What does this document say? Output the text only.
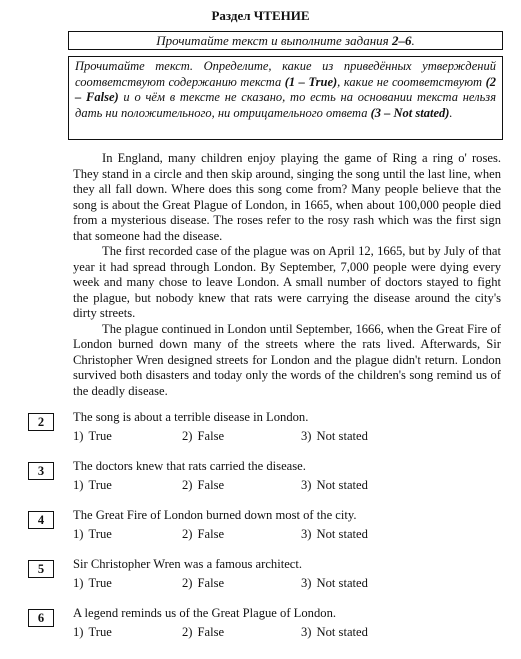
Раздел ЧТЕНИЕ
Прочитайте текст и выполните задания 2–6.
Прочитайте текст. Определите, какие из приведённых утверждений соответствуют содержанию текста (1 – True), какие не соответствуют (2 – False) и о чём в тексте не сказано, то есть на основании текста нельзя дать ни положительного, ни отрицательного ответа (3 – Not stated).

In England, many children enjoy playing the game of Ring a ring o' roses. They stand in a circle and then skip around, singing the song until the last line, when they all fall down. Where does this song come from? Many people believe that the song is about the Great Plague of London, in 1665, when about 100,000 people died from a mysterious disease. The roses refer to the rosy rash which was the first sign that someone had the disease.

The first recorded case of the plague was on April 12, 1665, but by July of that year it had spread through London. By September, 7,000 people were dying every week and many chose to leave London. A small number of doctors stayed to fight the plague, but nobody knew that rats were carrying the disease around the city's dirty streets.

The plague continued in London until September, 1666, when the Great Fire of London burned down many of the streets where the rats lived. Afterwards, Sir Christopher Wren designed streets for London and the plague didn't return. London survived both disasters and today only the words of the children's song remind us of the deadly disease.

2	The song is about a terrible disease in London.
1) True	2) False	3) Not stated
3	The doctors knew that rats carried the disease.
1) True	2) False	3) Not stated
4	The Great Fire of London burned down most of the city.
1) True	2) False	3) Not stated
5	Sir Christopher Wren was a famous architect.
1) True	2) False	3) Not stated
6	A legend reminds us of the Great Plague of London.
1) True	2) False	3) Not stated
